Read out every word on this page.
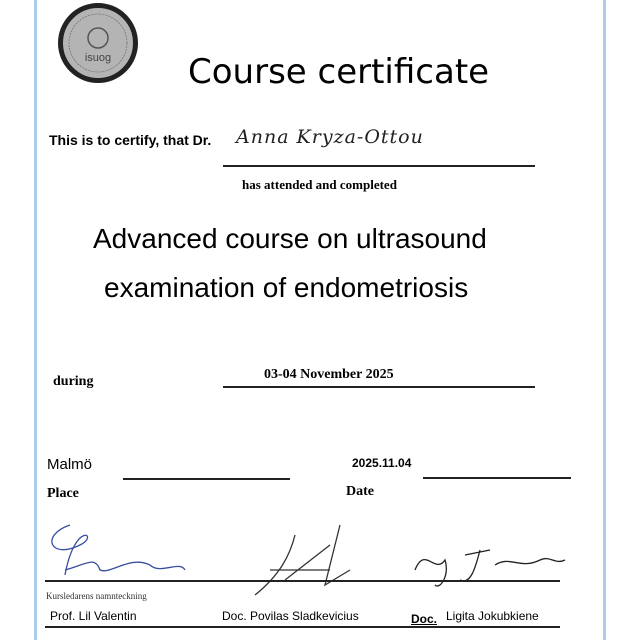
isuog	Course certificate
This is to certify, that Dr. Anna Kryza-Ottou
has attended and completed
Advanced course on ultrasound
examination of endometriosis
during	03-04 November 2025
Malmö
Place
2025.11.04
Date
Kursledarens namnteckning
Prof. Lil Valentin	Doc. Povilas Sladkevicius	Doc. Ligita Jokubkiene
